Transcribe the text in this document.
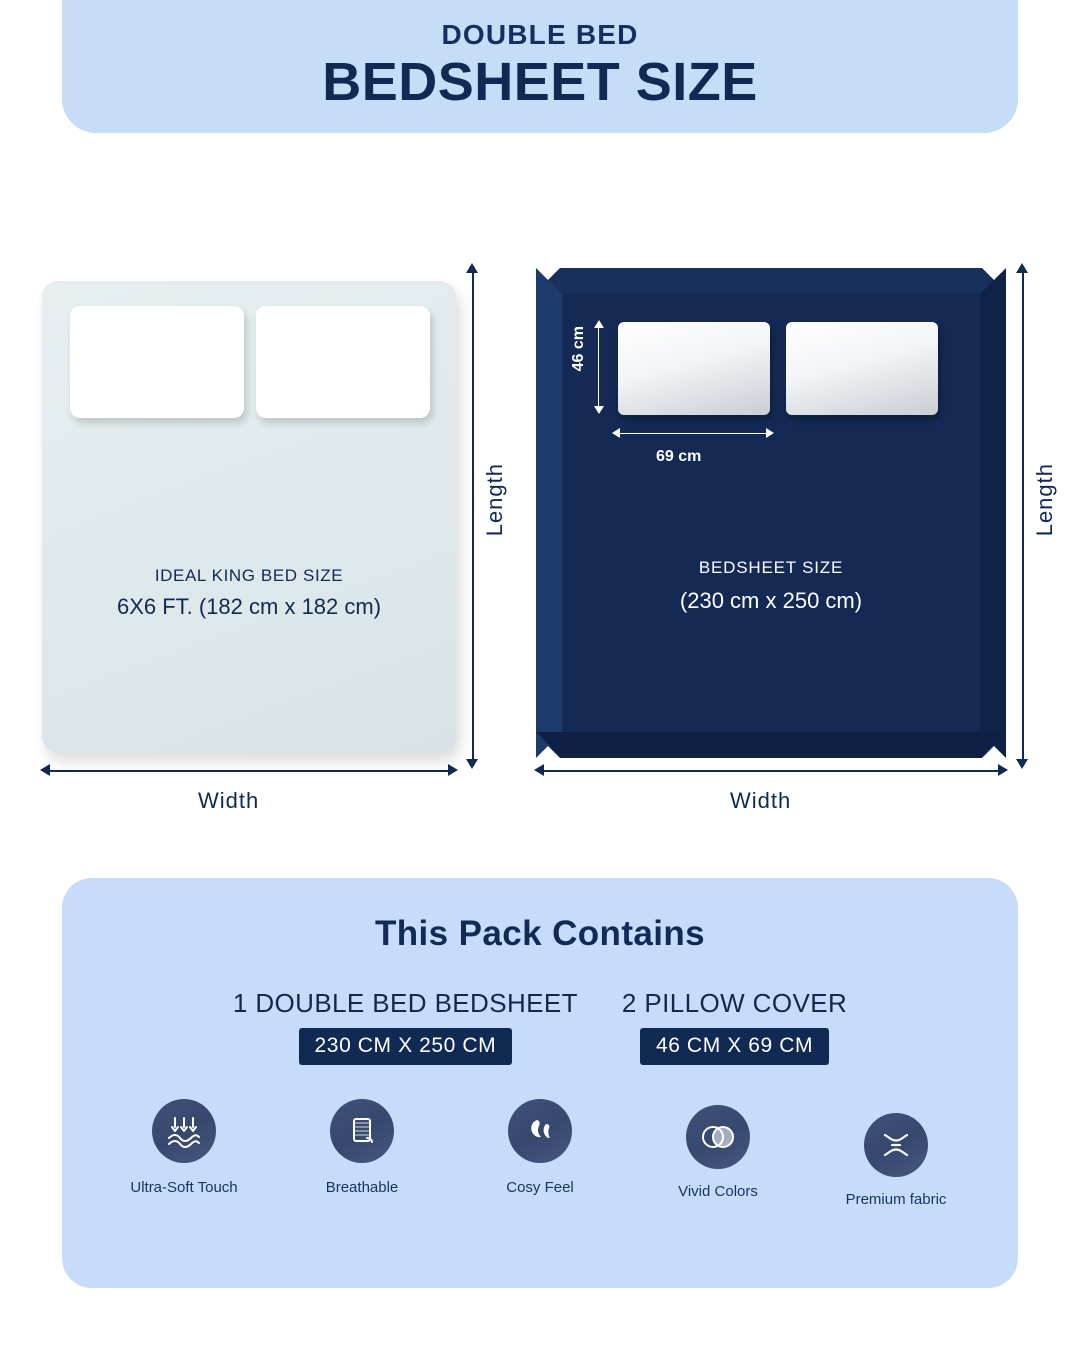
DOUBLE BED
BEDSHEET SIZE
IDEAL KING BED SIZE
6X6 FT. (182 cm x 182 cm)
Length
Width
46 cm
69 cm
BEDSHEET SIZE
(230 cm x 250 cm)
Length
Width
This Pack Contains
1 DOUBLE BED BEDSHEET
230 CM X 250 CM
2 PILLOW COVER
46 CM X 69 CM
Ultra-Soft Touch	Breathable	Cosy Feel	Vivid Colors	Premium fabric
